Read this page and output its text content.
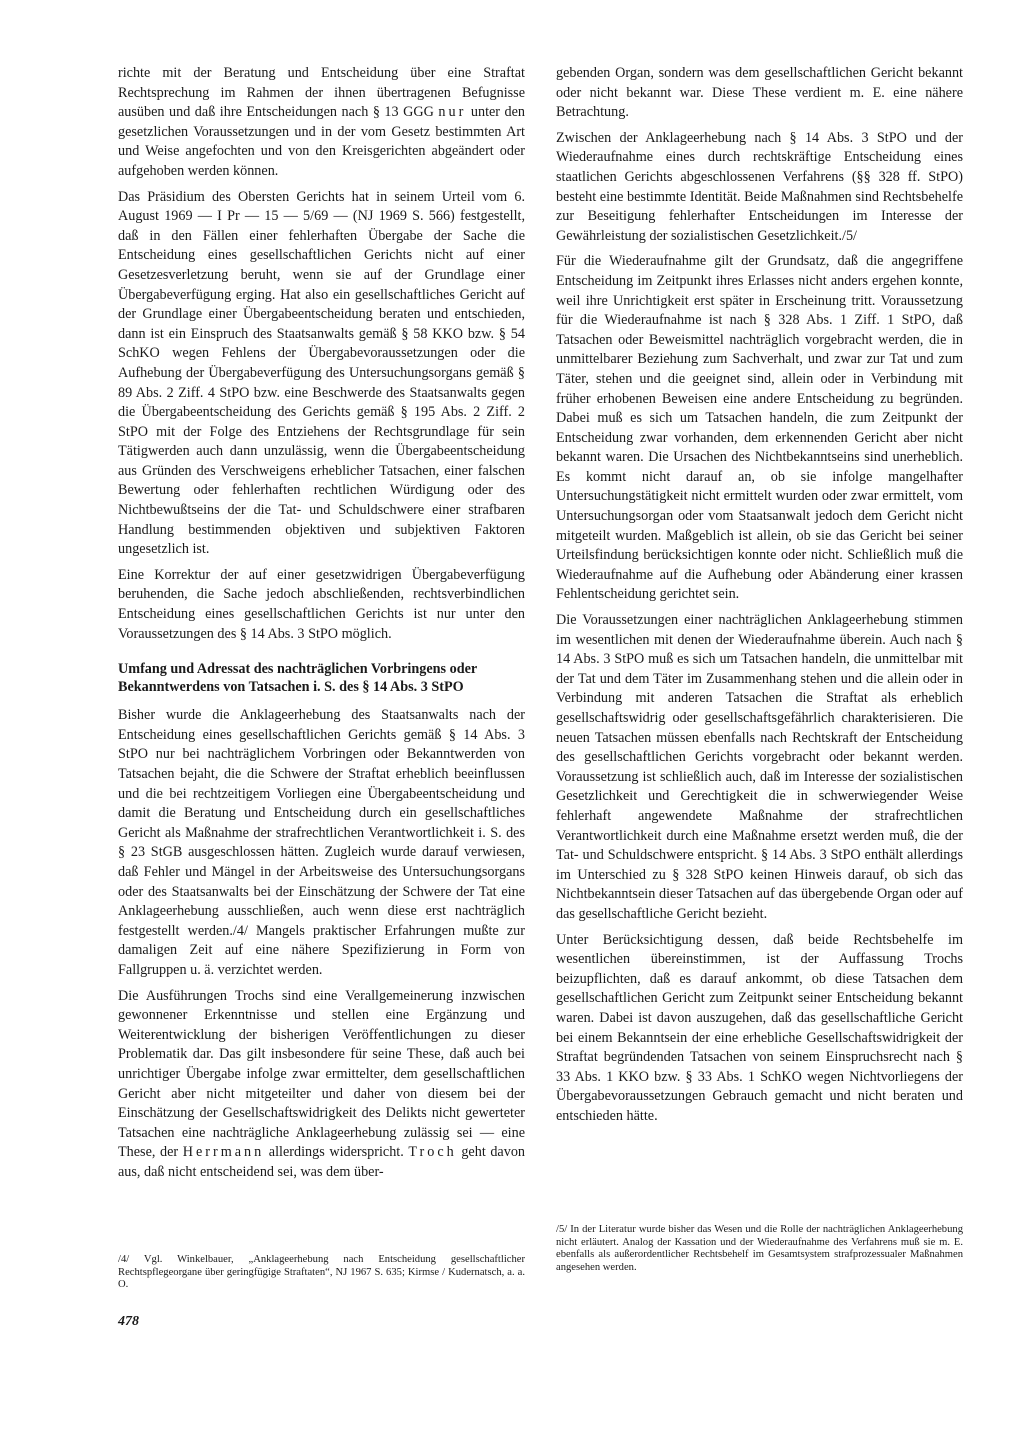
richte mit der Beratung und Entscheidung über eine Straftat Rechtsprechung im Rahmen der ihnen übertragenen Befugnisse ausüben und daß ihre Entscheidungen nach § 13 GGG nur unter den gesetzlichen Voraussetzungen und in der vom Gesetz bestimmten Art und Weise angefochten und von den Kreisgerichten abgeändert oder aufgehoben werden können.

Das Präsidium des Obersten Gerichts hat in seinem Urteil vom 6. August 1969 — I Pr — 15 — 5/69 — (NJ 1969 S. 566) festgestellt, daß in den Fällen einer fehlerhaften Übergabe der Sache die Entscheidung eines gesellschaftlichen Gerichts nicht auf einer Gesetzesverletzung beruht, wenn sie auf der Grundlage einer Übergabeverfügung erging. Hat also ein gesellschaftliches Gericht auf der Grundlage einer Übergabeentscheidung beraten und entschieden, dann ist ein Einspruch des Staatsanwalts gemäß § 58 KKO bzw. § 54 SchKO wegen Fehlens der Übergabevoraussetzungen oder die Aufhebung der Übergabeverfügung des Untersuchungsorgans gemäß § 89 Abs. 2 Ziff. 4 StPO bzw. eine Beschwerde des Staatsanwalts gegen die Übergabeentscheidung des Gerichts gemäß § 195 Abs. 2 Ziff. 2 StPO mit der Folge des Entziehens der Rechtsgrundlage für sein Tätigwerden auch dann unzulässig, wenn die Übergabeentscheidung aus Gründen des Verschweigens erheblicher Tatsachen, einer falschen Bewertung oder fehlerhaften rechtlichen Würdigung oder des Nichtbewußtseins der die Tat- und Schuldschwere einer strafbaren Handlung bestimmenden objektiven und subjektiven Faktoren ungesetzlich ist.

Eine Korrektur der auf einer gesetzwidrigen Übergabeverfügung beruhenden, die Sache jedoch abschließenden, rechtsverbindlichen Entscheidung eines gesellschaftlichen Gerichts ist nur unter den Voraussetzungen des § 14 Abs. 3 StPO möglich.

Umfang und Adressat des nachträglichen Vorbringens oder Bekanntwerdens von Tatsachen i. S. des § 14 Abs. 3 StPO

Bisher wurde die Anklageerhebung des Staatsanwalts nach der Entscheidung eines gesellschaftlichen Gerichts gemäß § 14 Abs. 3 StPO nur bei nachträglichem Vorbringen oder Bekanntwerden von Tatsachen bejaht, die die Schwere der Straftat erheblich beeinflussen und die bei rechtzeitigem Vorliegen eine Übergabeentscheidung und damit die Beratung und Entscheidung durch ein gesellschaftliches Gericht als Maßnahme der strafrechtlichen Verantwortlichkeit i. S. des § 23 StGB ausgeschlossen hätten. Zugleich wurde darauf verwiesen, daß Fehler und Mängel in der Arbeitsweise des Untersuchungsorgans oder des Staatsanwalts bei der Einschätzung der Schwere der Tat eine Anklageerhebung ausschließen, auch wenn diese erst nachträglich festgestellt werden./4/ Mangels praktischer Erfahrungen mußte zur damaligen Zeit auf eine nähere Spezifizierung in Form von Fallgruppen u. ä. verzichtet werden.

Die Ausführungen Trochs sind eine Verallgemeinerung inzwischen gewonnener Erkenntnisse und stellen eine Ergänzung und Weiterentwicklung der bisherigen Veröffentlichungen zu dieser Problematik dar. Das gilt insbesondere für seine These, daß auch bei unrichtiger Übergabe infolge zwar ermittelter, dem gesellschaftlichen Gericht aber nicht mitgeteilter und daher von diesem bei der Einschätzung der Gesellschaftswidrigkeit des Delikts nicht gewerteter Tatsachen eine nachträgliche Anklageerhebung zulässig sei — eine These, der Herrmann allerdings widerspricht. Troch geht davon aus, daß nicht entscheidend sei, was dem über-

gebenden Organ, sondern was dem gesellschaftlichen Gericht bekannt oder nicht bekannt war. Diese These verdient m. E. eine nähere Betrachtung.

Zwischen der Anklageerhebung nach § 14 Abs. 3 StPO und der Wiederaufnahme eines durch rechtskräftige Entscheidung eines staatlichen Gerichts abgeschlossenen Verfahrens (§§ 328 ff. StPO) besteht eine bestimmte Identität. Beide Maßnahmen sind Rechtsbehelfe zur Beseitigung fehlerhafter Entscheidungen im Interesse der Gewährleistung der sozialistischen Gesetzlichkeit./5/

Für die Wiederaufnahme gilt der Grundsatz, daß die angegriffene Entscheidung im Zeitpunkt ihres Erlasses nicht anders ergehen konnte, weil ihre Unrichtigkeit erst später in Erscheinung tritt. Voraussetzung für die Wiederaufnahme ist nach § 328 Abs. 1 Ziff. 1 StPO, daß Tatsachen oder Beweismittel nachträglich vorgebracht werden, die in unmittelbarer Beziehung zum Sachverhalt, und zwar zur Tat und zum Täter, stehen und die geeignet sind, allein oder in Verbindung mit früher erhobenen Beweisen eine andere Entscheidung zu begründen. Dabei muß es sich um Tatsachen handeln, die zum Zeitpunkt der Entscheidung zwar vorhanden, dem erkennenden Gericht aber nicht bekannt waren. Die Ursachen des Nichtbekanntseins sind unerheblich. Es kommt nicht darauf an, ob sie infolge mangelhafter Untersuchungstätigkeit nicht ermittelt wurden oder zwar ermittelt, vom Untersuchungsorgan oder vom Staatsanwalt jedoch dem Gericht nicht mitgeteilt wurden. Maßgeblich ist allein, ob sie das Gericht bei seiner Urteilsfindung berücksichtigen konnte oder nicht. Schließlich muß die Wiederaufnahme auf die Aufhebung oder Abänderung einer krassen Fehlentscheidung gerichtet sein.

Die Voraussetzungen einer nachträglichen Anklageerhebung stimmen im wesentlichen mit denen der Wiederaufnahme überein. Auch nach § 14 Abs. 3 StPO muß es sich um Tatsachen handeln, die unmittelbar mit der Tat und dem Täter im Zusammenhang stehen und die allein oder in Verbindung mit anderen Tatsachen die Straftat als erheblich gesellschaftswidrig oder gesellschaftsgefährlich charakterisieren. Die neuen Tatsachen müssen ebenfalls nach Rechtskraft der Entscheidung des gesellschaftlichen Gerichts vorgebracht oder bekannt werden. Voraussetzung ist schließlich auch, daß im Interesse der sozialistischen Gesetzlichkeit und Gerechtigkeit die in schwerwiegender Weise fehlerhaft angewendete Maßnahme der strafrechtlichen Verantwortlichkeit durch eine Maßnahme ersetzt werden muß, die der Tat- und Schuldschwere entspricht. § 14 Abs. 3 StPO enthält allerdings im Unterschied zu § 328 StPO keinen Hinweis darauf, ob sich das Nichtbekanntsein dieser Tatsachen auf das übergebende Organ oder auf das gesellschaftliche Gericht bezieht.

Unter Berücksichtigung dessen, daß beide Rechtsbehelfe im wesentlichen übereinstimmen, ist der Auffassung Trochs beizupflichten, daß es darauf ankommt, ob diese Tatsachen dem gesellschaftlichen Gericht zum Zeitpunkt seiner Entscheidung bekannt waren. Dabei ist davon auszugehen, daß das gesellschaftliche Gericht bei einem Bekanntsein der eine erhebliche Gesellschaftswidrigkeit der Straftat begründenden Tatsachen von seinem Einspruchsrecht nach § 33 Abs. 1 KKO bzw. § 33 Abs. 1 SchKO wegen Nichtvorliegens der Übergabevoraussetzungen Gebrauch gemacht und nicht beraten und entschieden hätte.

/4/ Vgl. Winkelbauer, „Anklageerhebung nach Entscheidung gesellschaftlicher Rechtspflegeorgane über geringfügige Straftaten“, NJ 1967 S. 635; Kirmse / Kudernatsch, a. a. O.
/5/ In der Literatur wurde bisher das Wesen und die Rolle der nachträglichen Anklageerhebung nicht erläutert. Analog der Kassation und der Wiederaufnahme des Verfahrens muß sie m. E. ebenfalls als außerordentlicher Rechtsbehelf im Gesamtsystem strafprozessualer Maßnahmen angesehen werden.
478
